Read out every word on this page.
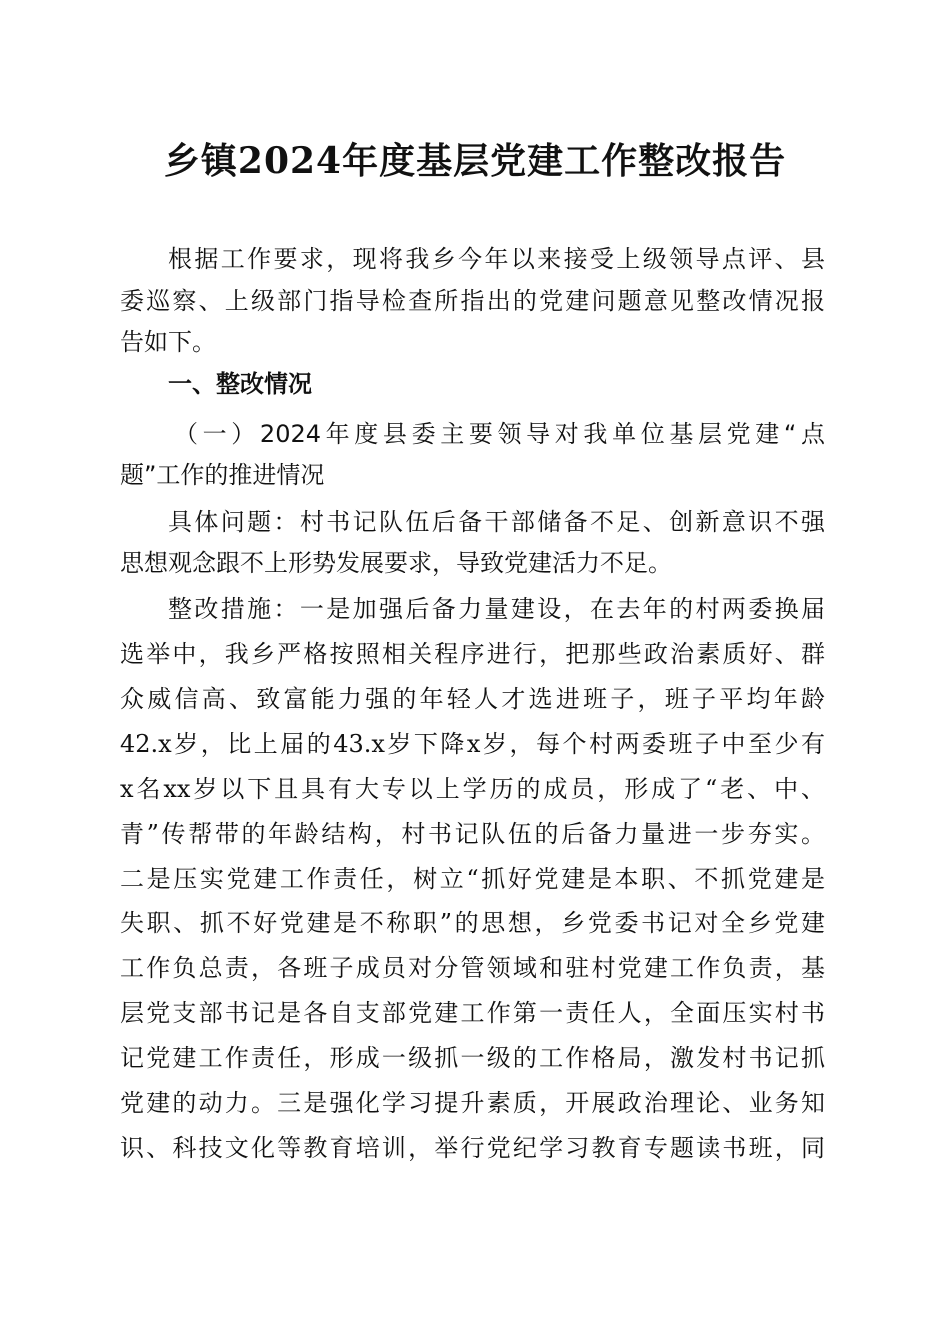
乡镇2024年度基层党建工作整改报告
根据工作要求，现将我乡今年以来接受上级领导点评、县
委巡察、上级部门指导检查所指出的党建问题意见整改情况报
告如下。
一、整改情况
（一）2024年度县委主要领导对我单位基层党建“点
题”工作的推进情况
具体问题：村书记队伍后备干部储备不足、创新意识不强
思想观念跟不上形势发展要求，导致党建活力不足。
整改措施：一是加强后备力量建设，在去年的村两委换届
选举中，我乡严格按照相关程序进行，把那些政治素质好、群
众威信高、致富能力强的年轻人才选进班子，班子平均年龄
42.x岁，比上届的43.x岁下降x岁，每个村两委班子中至少有
x名xx岁以下且具有大专以上学历的成员，形成了“老、中、
青”传帮带的年龄结构，村书记队伍的后备力量进一步夯实。
二是压实党建工作责任，树立“抓好党建是本职、不抓党建是
失职、抓不好党建是不称职”的思想，乡党委书记对全乡党建
工作负总责，各班子成员对分管领域和驻村党建工作负责，基
层党支部书记是各自支部党建工作第一责任人，全面压实村书
记党建工作责任，形成一级抓一级的工作格局，激发村书记抓
党建的动力。三是强化学习提升素质，开展政治理论、业务知
识、科技文化等教育培训，举行党纪学习教育专题读书班，同
